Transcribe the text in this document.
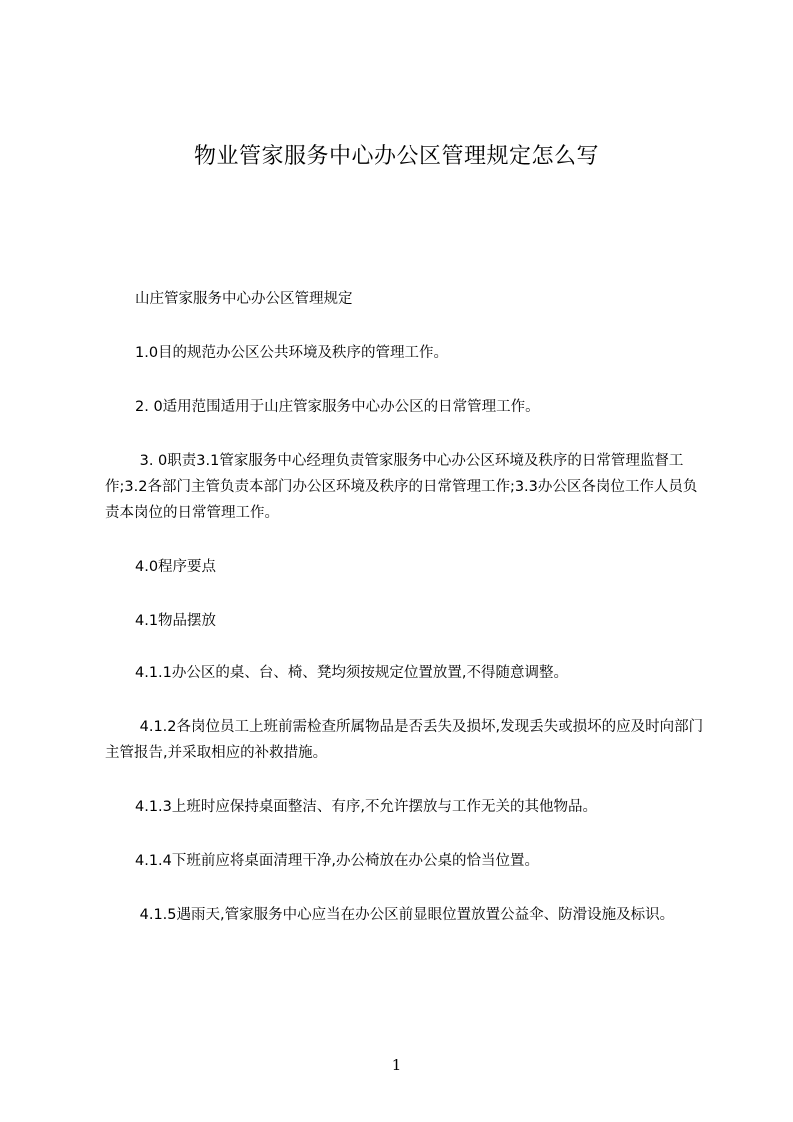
物业管家服务中心办公区管理规定怎么写

山庄管家服务中心办公区管理规定

1.0目的规范办公区公共环境及秩序的管理工作。

2. 0适用范围适用于山庄管家服务中心办公区的日常管理工作。

3. 0职责3.1管家服务中心经理负责管家服务中心办公区环境及秩序的日常管理监督工作;3.2各部门主管负责本部门办公区环境及秩序的日常管理工作;3.3办公区各岗位工作人员负责本岗位的日常管理工作。

4.0程序要点

4.1物品摆放

4.1.1办公区的桌、台、椅、凳均须按规定位置放置,不得随意调整。

4.1.2各岗位员工上班前需检查所属物品是否丢失及损坏,发现丢失或损坏的应及时向部门主管报告,并采取相应的补救措施。

4.1.3上班时应保持桌面整洁、有序,不允许摆放与工作无关的其他物品。

4.1.4下班前应将桌面清理干净,办公椅放在办公桌的恰当位置。

4.1.5遇雨天,管家服务中心应当在办公区前显眼位置放置公益伞、防滑设施及标识。

1
